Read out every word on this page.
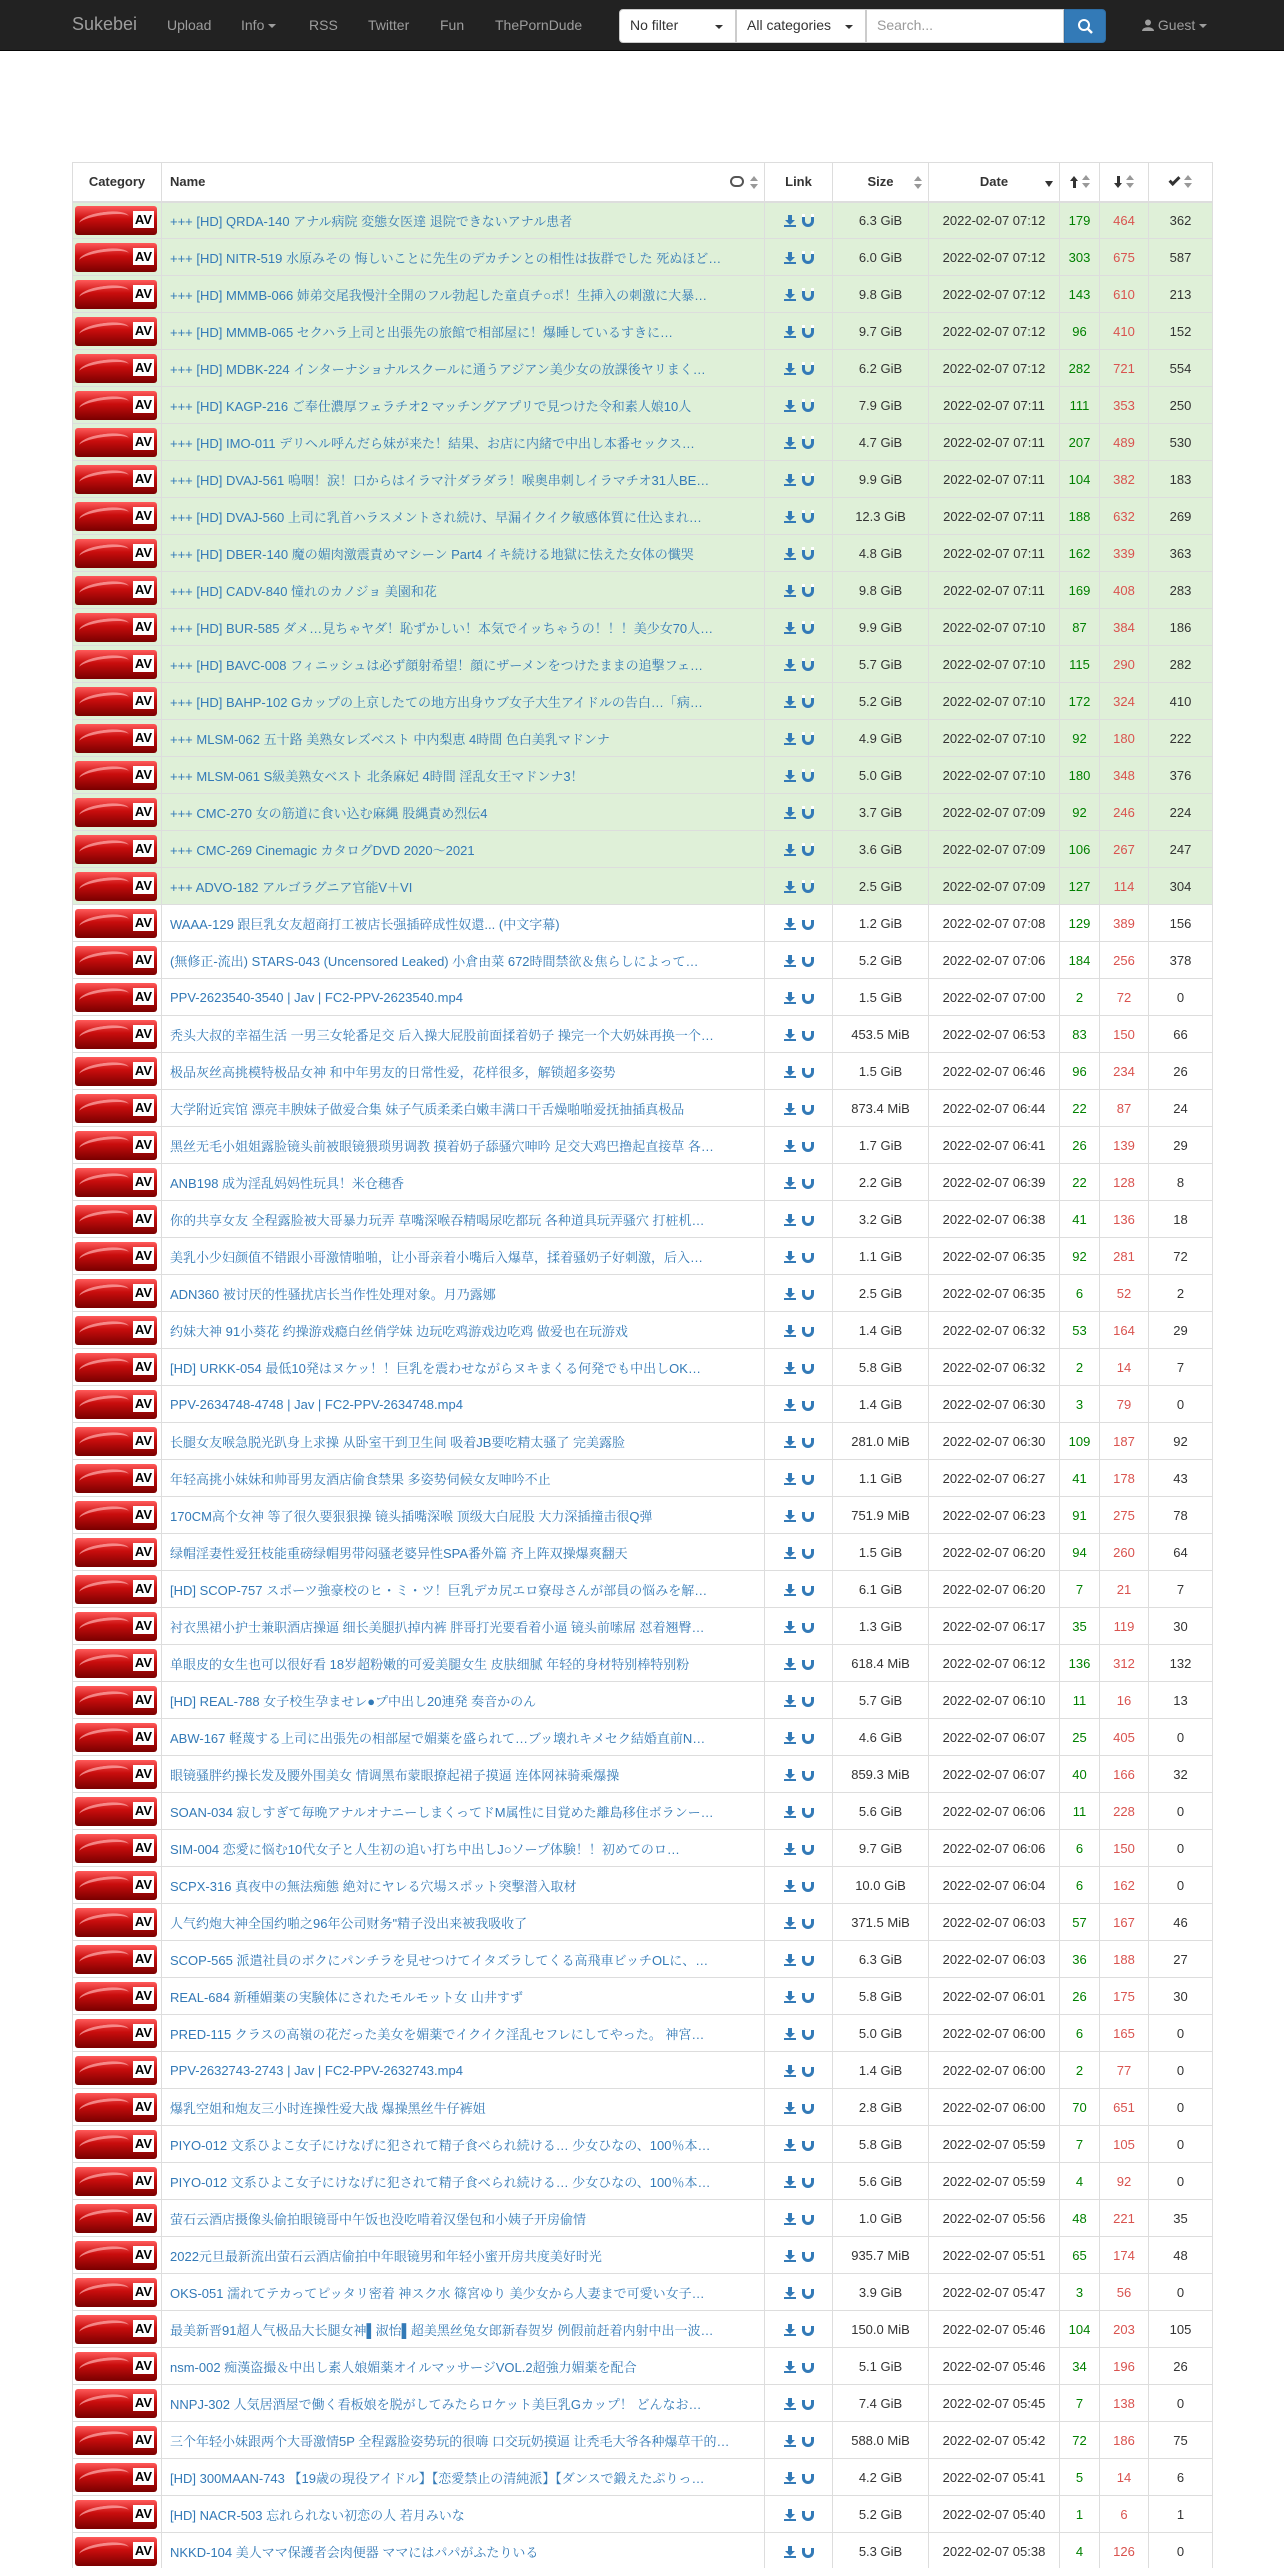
Sukebei Upload Info	RSS Twitter Fun ThePornDude	No filter	All categories	Search...	Guest
Category	Name	Link	Size	Date

AV	+++ [HD] QRDA-140 アナル病院 変態女医達 退院できないアナル患者		6.3 GiB	2022-02-07 07:12	179	464	362

AV	+++ [HD] NITR-519 水原みその 悔しいことに先生のデカチンとの相性は抜群でした 死ぬほど…		6.0 GiB	2022-02-07 07:12	303	675	587

AV	+++ [HD] MMMB-066 姉弟交尾我慢汁全開のフル勃起した童貞チ○ポ！生挿入の刺激に大暴…		9.8 GiB	2022-02-07 07:12	143	610	213

AV	+++ [HD] MMMB-065 セクハラ上司と出張先の旅館で相部屋に！爆睡しているすきに…		9.7 GiB	2022-02-07 07:12	96	410	152

AV	+++ [HD] MDBK-224 インターナショナルスクールに通うアジアン美少女の放課後ヤリまく…		6.2 GiB	2022-02-07 07:12	282	721	554

AV	+++ [HD] KAGP-216 ご奉仕濃厚フェラチオ2 マッチングアプリで見つけた令和素人娘10人		7.9 GiB	2022-02-07 07:11	111	353	250

AV	+++ [HD] IMO-011 デリヘル呼んだら妹が来た！結果、お店に内緒で中出し本番セックス…		4.7 GiB	2022-02-07 07:11	207	489	530

AV	+++ [HD] DVAJ-561 嗚咽！涙！口からはイラマ汁ダラダラ！喉奥串刺しイラマチオ31人BE…		9.9 GiB	2022-02-07 07:11	104	382	183

AV	+++ [HD] DVAJ-560 上司に乳首ハラスメントされ続け、早漏イクイク敏感体質に仕込まれ…		12.3 GiB	2022-02-07 07:11	188	632	269

AV	+++ [HD] DBER-140 魔の媚肉激震責めマシーン Part4 イキ続ける地獄に怯えた女体の懺哭		4.8 GiB	2022-02-07 07:11	162	339	363

AV	+++ [HD] CADV-840 憧れのカノジョ 美園和花		9.8 GiB	2022-02-07 07:11	169	408	283

AV	+++ [HD] BUR-585 ダメ…見ちゃヤダ！恥ずかしい！本気でイッちゃうの！！！美少女70人…		9.9 GiB	2022-02-07 07:10	87	384	186

AV	+++ [HD] BAVC-008 フィニッシュは必ず顔射希望！顔にザーメンをつけたままの追撃フェ…		5.7 GiB	2022-02-07 07:10	115	290	282

AV	+++ [HD] BAHP-102 Gカップの上京したての地方出身ウブ女子大生アイドルの告白…「病…		5.2 GiB	2022-02-07 07:10	172	324	410

AV	+++ MLSM-062 五十路 美熟女レズベスト 中内梨恵 4時間 色白美乳マドンナ		4.9 GiB	2022-02-07 07:10	92	180	222

AV	+++ MLSM-061 S級美熟女ベスト 北条麻妃 4時間 淫乱女王マドンナ3！		5.0 GiB	2022-02-07 07:10	180	348	376

AV	+++ CMC-270 女の筋道に食い込む麻縄 股縄責め烈伝4		3.7 GiB	2022-02-07 07:09	92	246	224

AV	+++ CMC-269 Cinemagic カタログDVD 2020～2021		3.6 GiB	2022-02-07 07:09	106	267	247

AV	+++ ADVO-182 アルゴラグニア官能V＋VI		2.5 GiB	2022-02-07 07:09	127	114	304

AV	WAAA-129 跟巨乳女友超商打工被店长强插碎成性奴還... (中文字幕)		1.2 GiB	2022-02-07 07:08	129	389	156

AV	(無修正-流出) STARS-043 (Uncensored Leaked) 小倉由菜 672時間禁欲＆焦らしによって…		5.2 GiB	2022-02-07 07:06	184	256	378

AV	PPV-2623540-3540 | Jav | FC2-PPV-2623540.mp4		1.5 GiB	2022-02-07 07:00	2	72	0

AV	秃头大叔的幸福生活 一男三女轮番足交 后入操大屁股前面揉着奶子 操完一个大奶妹再换一个…		453.5 MiB	2022-02-07 06:53	83	150	66

AV	极品灰丝高挑模特极品女神 和中年男友的日常性爱，花样很多，解锁超多姿势		1.5 GiB	2022-02-07 06:46	96	234	26

AV	大学附近宾馆 漂亮丰腴妹子做爱合集 妹子气质柔柔白嫩丰满口干舌燥啪啪爱抚抽插真极品		873.4 MiB	2022-02-07 06:44	22	87	24

AV	黑丝无毛小姐姐露脸镜头前被眼镜猥琐男调教 摸着奶子舔骚穴呻吟 足交大鸡巴撸起直接草 各…		1.7 GiB	2022-02-07 06:41	26	139	29

AV	ANB198 成为淫乱妈妈性玩具！米仓穗香		2.2 GiB	2022-02-07 06:39	22	128	8

AV	你的共享女友 全程露脸被大哥暴力玩弄 草嘴深喉吞精喝尿吃都玩 各种道具玩弄骚穴 打桩机…		3.2 GiB	2022-02-07 06:38	41	136	18

AV	美乳小少妇颜值不错跟小哥激情啪啪，让小哥亲着小嘴后入爆草，揉着骚奶子好刺激，后入…		1.1 GiB	2022-02-07 06:35	92	281	72

AV	ADN360 被讨厌的性骚扰店长当作性处理对象。月乃露娜		2.5 GiB	2022-02-07 06:35	6	52	2

AV	约妹大神 91小葵花 约操游戏瘾白丝俏学妹 边玩吃鸡游戏边吃鸡 做爱也在玩游戏		1.4 GiB	2022-02-07 06:32	53	164	29

AV	[HD] URKK-054 最低10発はヌケッ！！巨乳を震わせながらヌキまくる何発でも中出しOK…		5.8 GiB	2022-02-07 06:32	2	14	7

AV	PPV-2634748-4748 | Jav | FC2-PPV-2634748.mp4		1.4 GiB	2022-02-07 06:30	3	79	0

AV	长腿女友喉急脱光趴身上求操 从卧室干到卫生间 吸着JB要吃精太骚了 完美露脸		281.0 MiB	2022-02-07 06:30	109	187	92

AV	年轻高挑小妹妹和帅哥男友酒店偷食禁果 多姿势伺候女友呻吟不止		1.1 GiB	2022-02-07 06:27	41	178	43

AV	170CM高个女神 等了很久要狠狠操 镜头插嘴深喉 顶级大白屁股 大力深插撞击很Q弹		751.9 MiB	2022-02-07 06:23	91	275	78

AV	绿帽淫妻性爱狂枝能重磅绿帽男带闷骚老婆异性SPA番外篇 齐上阵双操爆爽翻天		1.5 GiB	2022-02-07 06:20	94	260	64

AV	[HD] SCOP-757 スポーツ強豪校のヒ・ミ・ツ！巨乳デカ尻エロ寮母さんが部員の悩みを解…		6.1 GiB	2022-02-07 06:20	7	21	7

AV	衬衣黑裙小护士兼职酒店操逼 细长美腿扒掉内裤 胖哥打光要看着小逼 镜头前嗦屌 怼着翘臀…		1.3 GiB	2022-02-07 06:17	35	119	30

AV	单眼皮的女生也可以很好看 18岁超粉嫩的可爱美腿女生 皮肤细腻 年轻的身材特别棒特别粉		618.4 MiB	2022-02-07 06:12	136	312	132

AV	[HD] REAL-788 女子校生孕ませレ●プ中出し20連発 奏音かのん		5.7 GiB	2022-02-07 06:10	11	16	13

AV	ABW-167 軽蔑する上司に出張先の相部屋で媚薬を盛られて…ブッ壊れキメセク結婚直前N…		4.6 GiB	2022-02-07 06:07	25	405	0

AV	眼镜骚胖约操长发及腰外围美女 情调黑布蒙眼撩起裙子摸逼 连体网袜骑乘爆操		859.3 MiB	2022-02-07 06:07	40	166	32

AV	SOAN-034 寂しすぎて毎晩アナルオナニーしまくってドM属性に目覚めた離島移住ボランー…		5.6 GiB	2022-02-07 06:06	11	228	0

AV	SIM-004 恋愛に悩む10代女子と人生初の追い打ち中出しJ○ソープ体験！！初めてのロ…		9.7 GiB	2022-02-07 06:06	6	150	0

AV	SCPX-316 真夜中の無法痴態 絶対にヤレる穴場スポット突撃潜入取材		10.0 GiB	2022-02-07 06:04	6	162	0

AV	人气约炮大神全国约啪之96年公司财务"精子没出来被我吸收了		371.5 MiB	2022-02-07 06:03	57	167	46

AV	SCOP-565 派遣社員のボクにパンチラを見せつけてイタズラしてくる高飛車ビッチOLに、…		6.3 GiB	2022-02-07 06:03	36	188	27

AV	REAL-684 新種媚薬の実験体にされたモルモット女 山井すず		5.8 GiB	2022-02-07 06:01	26	175	30

AV	PRED-115 クラスの高嶺の花だった美女を媚薬でイクイク淫乱セフレにしてやった。 神宮…		5.0 GiB	2022-02-07 06:00	6	165	0

AV	PPV-2632743-2743 | Jav | FC2-PPV-2632743.mp4		1.4 GiB	2022-02-07 06:00	2	77	0

AV	爆乳空姐和炮友三小时连操性爱大战 爆操黑丝牛仔裤姐		2.8 GiB	2022-02-07 06:00	70	651	0

AV	PIYO-012 文系ひよこ女子にけなげに犯されて精子食べられ続ける… 少女ひなの、100％本…		5.8 GiB	2022-02-07 05:59	7	105	0

AV	PIYO-012 文系ひよこ女子にけなげに犯されて精子食べられ続ける… 少女ひなの、100％本…		5.6 GiB	2022-02-07 05:59	4	92	0

AV	萤石云酒店摄像头偷拍眼镜哥中午饭也没吃啃着汉堡包和小姨子开房偷情		1.0 GiB	2022-02-07 05:56	48	221	35

AV	2022元旦最新流出萤石云酒店偷拍中年眼镜男和年轻小蜜开房共度美好时光		935.7 MiB	2022-02-07 05:51	65	174	48

AV	OKS-051 濡れてテカってピッタリ密着 神スク水 篠宮ゆり 美少女から人妻まで可愛い女子…		3.9 GiB	2022-02-07 05:47	3	56	0

AV	最美新晋91超人气极品大长腿女神▌淑怡▌超美黑丝兔女郎新春贺岁 例假前赶着内射中出一波…		150.0 MiB	2022-02-07 05:46	104	203	105

AV	nsm-002 痴漢盗撮＆中出し素人娘媚薬オイルマッサージVOL.2超強力媚薬を配合		5.1 GiB	2022-02-07 05:46	34	196	26

AV	NNPJ-302 人気居酒屋で働く看板娘を脱がしてみたらロケット美巨乳Gカップ！ どんなお…		7.4 GiB	2022-02-07 05:45	7	138	0

AV	三个年轻小妹跟两个大哥激情5P 全程露脸姿势玩的很嗨 口交玩奶摸逼 让秃毛大爷各种爆草干的…		588.0 MiB	2022-02-07 05:42	72	186	75

AV	[HD] 300MAAN-743 【19歳の現役アイドル】【恋愛禁止の清純派】【ダンスで鍛えたぷりっ…		4.2 GiB	2022-02-07 05:41	5	14	6

AV	[HD] NACR-503 忘れられない初恋の人 若月みいな		5.2 GiB	2022-02-07 05:40	1	6	1

AV	NKKD-104 美人ママ保護者会肉便器 ママにはパパがふたりいる		5.3 GiB	2022-02-07 05:38	4	126	0
